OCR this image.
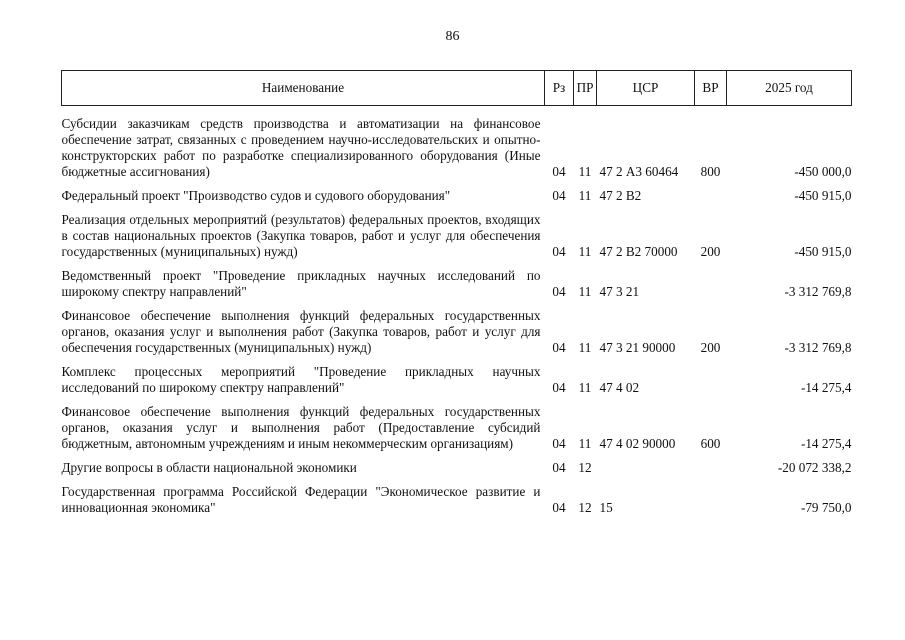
86
Наименование	Рз	ПР	ЦСР	ВР	2025 год
Субсидии заказчикам средств производства и автоматизации на финансовое обеспечение затрат, связанных с проведением научно-исследовательских и опытно-конструкторских работ по разработке специализированного оборудования (Иные бюджетные ассигнования)	04	11	47 2 А3 60464	800	-450 000,0
Федеральный проект "Производство судов и судового оборудования"	04	11	47 2 В2		-450 915,0
Реализация отдельных мероприятий (результатов) федеральных проектов, входящих в состав национальных проектов (Закупка товаров, работ и услуг для обеспечения государственных (муниципальных) нужд)	04	11	47 2 В2 70000	200	-450 915,0
Ведомственный проект "Проведение прикладных научных исследований по широкому спектру направлений"	04	11	47 3 21		-3 312 769,8
Финансовое обеспечение выполнения функций федеральных государственных органов, оказания услуг и выполнения работ (Закупка товаров, работ и услуг для обеспечения государственных (муниципальных) нужд)	04	11	47 3 21 90000	200	-3 312 769,8
Комплекс процессных мероприятий "Проведение прикладных научных исследований по широкому спектру направлений"	04	11	47 4 02		-14 275,4
Финансовое обеспечение выполнения функций федеральных государственных органов, оказания услуг и выполнения работ (Предоставление субсидий бюджетным, автономным учреждениям и иным некоммерческим организациям)	04	11	47 4 02 90000	600	-14 275,4
Другие вопросы в области национальной экономики	04	12			-20 072 338,2
Государственная программа Российской Федерации "Экономическое развитие и инновационная экономика"	04	12	15		-79 750,0
